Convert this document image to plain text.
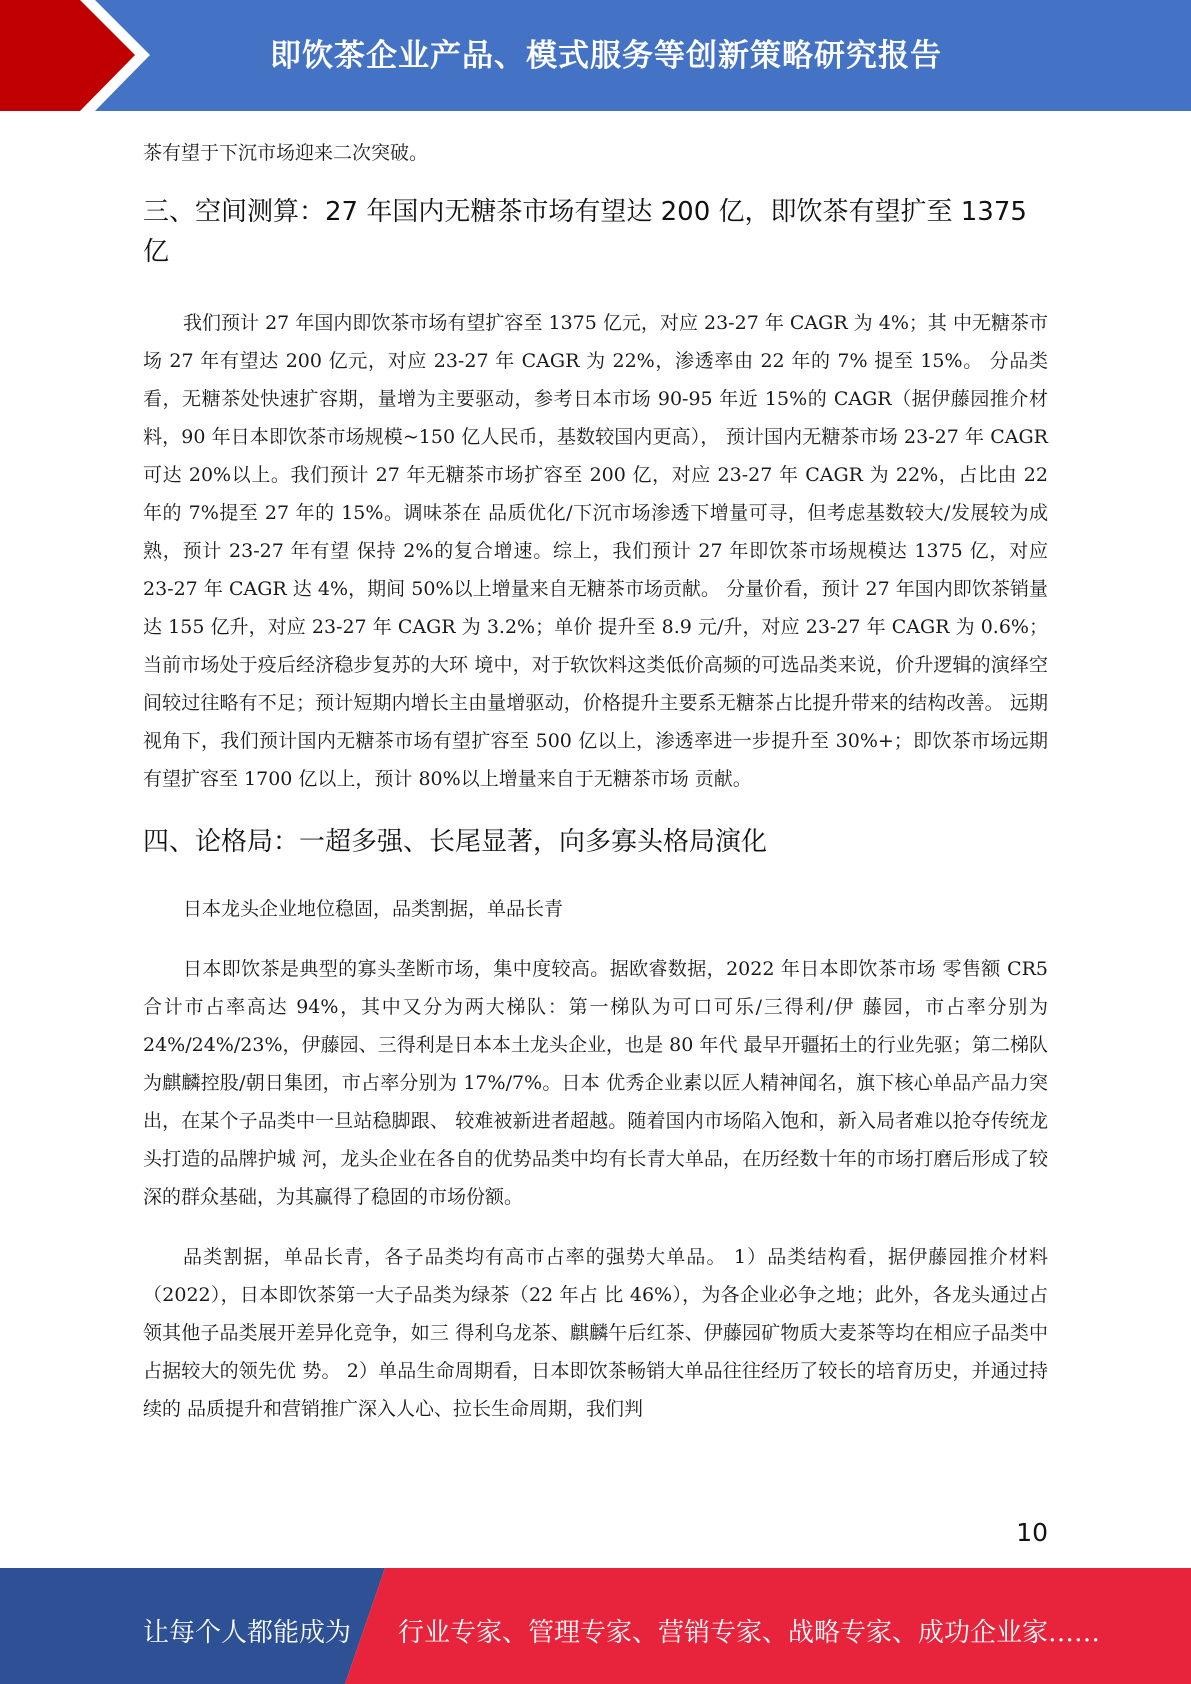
即饮茶企业产品、模式服务等创新策略研究报告

茶有望于下沉市场迎来二次突破。

三、空间测算：27 年国内无糖茶市场有望达 200 亿，即饮茶有望扩至 1375 亿

我们预计 27 年国内即饮茶市场有望扩容至 1375 亿元，对应 23-27 年 CAGR 为 4%；其 中无糖茶市场 27 年有望达 200 亿元，对应 23-27 年 CAGR 为 22%，渗透率由 22 年的 7% 提至 15%。 分品类看，无糖茶处快速扩容期，量增为主要驱动，参考日本市场 90-95 年近 15%的 CAGR（据伊藤园推介材料，90 年日本即饮茶市场规模~150 亿人民币，基数较国内更高）， 预计国内无糖茶市场 23-27 年 CAGR 可达 20%以上。我们预计 27 年无糖茶市场扩容至 200 亿，对应 23-27 年 CAGR 为 22%，占比由 22 年的 7%提至 27 年的 15%。调味茶在 品质优化/下沉市场渗透下增量可寻，但考虑基数较大/发展较为成熟，预计 23-27 年有望 保持 2%的复合增速。综上，我们预计 27 年即饮茶市场规模达 1375 亿，对应 23-27 年 CAGR 达 4%，期间 50%以上增量来自无糖茶市场贡献。 分量价看，预计 27 年国内即饮茶销量达 155 亿升，对应 23-27 年 CAGR 为 3.2%；单价 提升至 8.9 元/升，对应 23-27 年 CAGR 为 0.6%；当前市场处于疫后经济稳步复苏的大环 境中，对于软饮料这类低价高频的可选品类来说，价升逻辑的演绎空间较过往略有不足；预计短期内增长主由量增驱动，价格提升主要系无糖茶占比提升带来的结构改善。 远期视角下，我们预计国内无糖茶市场有望扩容至 500 亿以上，渗透率进一步提升至 30%+；即饮茶市场远期有望扩容至 1700 亿以上，预计 80%以上增量来自于无糖茶市场 贡献。

四、论格局：一超多强、长尾显著，向多寡头格局演化

日本龙头企业地位稳固，品类割据，单品长青

日本即饮茶是典型的寡头垄断市场，集中度较高。据欧睿数据，2022 年日本即饮茶市场 零售额 CR5 合计市占率高达 94%，其中又分为两大梯队：第一梯队为可口可乐/三得利/伊 藤园，市占率分别为 24%/24%/23%，伊藤园、三得利是日本本土龙头企业，也是 80 年代 最早开疆拓土的行业先驱；第二梯队为麒麟控股/朝日集团，市占率分别为 17%/7%。日本 优秀企业素以匠人精神闻名，旗下核心单品产品力突出，在某个子品类中一旦站稳脚跟、 较难被新进者超越。随着国内市场陷入饱和，新入局者难以抢夺传统龙头打造的品牌护城 河，龙头企业在各自的优势品类中均有长青大单品，在历经数十年的市场打磨后形成了较 深的群众基础，为其赢得了稳固的市场份额。

品类割据，单品长青，各子品类均有高市占率的强势大单品。 1）品类结构看，据伊藤园推介材料（2022），日本即饮茶第一大子品类为绿茶（22 年占 比 46%），为各企业必争之地；此外，各龙头通过占领其他子品类展开差异化竞争，如三 得利乌龙茶、麒麟午后红茶、伊藤园矿物质大麦茶等均在相应子品类中占据较大的领先优 势。 2）单品生命周期看，日本即饮茶畅销大单品往往经历了较长的培育历史，并通过持续的 品质提升和营销推广深入人心、拉长生命周期，我们判

10
让每个人都能成为 行业专家、管理专家、营销专家、战略专家、成功企业家……
